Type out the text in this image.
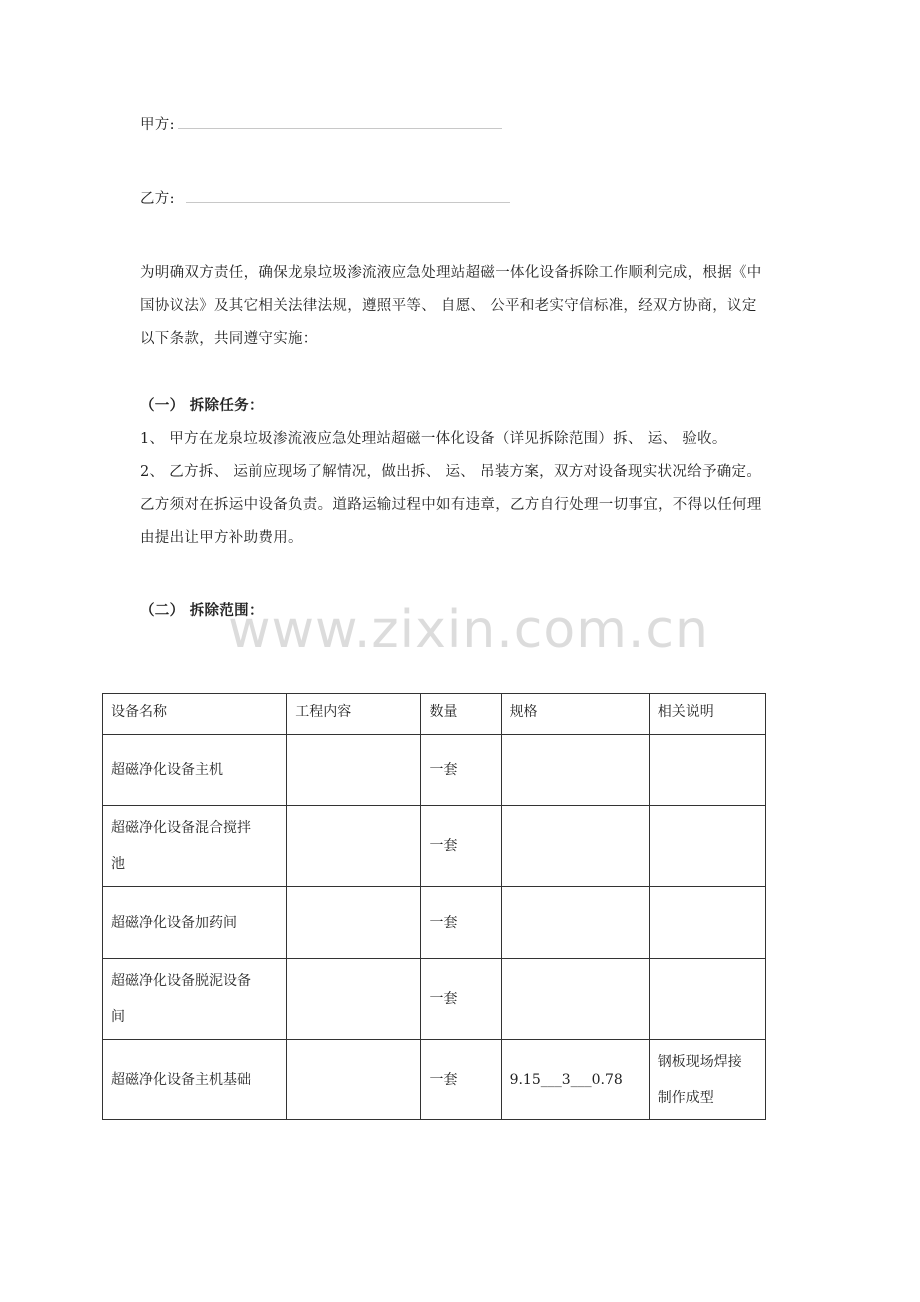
甲方:
乙方:
为明确双方责任，确保龙泉垃圾渗流液应急处理站超磁一体化设备拆除工作顺利完成，根据《中
国协议法》及其它相关法律法规，遵照平等、 自愿、 公平和老实守信标准，经双方协商，议定
以下条款，共同遵守实施：
（一） 拆除任务：
1、 甲方在龙泉垃圾渗流液应急处理站超磁一体化设备（详见拆除范围）拆、 运、 验收。
2、 乙方拆、 运前应现场了解情况，做出拆、 运、 吊装方案，双方对设备现实状况给予确定。
乙方须对在拆运中设备负责。道路运输过程中如有违章，乙方自行处理一切事宜，不得以任何理
由提出让甲方补助费用。
（二） 拆除范围：
www.zixin.com.cn
设备名称	工程内容	数量	规格	相关说明
超磁净化设备主机		一套		

超磁净化设备混合搅拌
池		一套		
超磁净化设备加药间		一套		

超磁净化设备脱泥设备
间		一套		
超磁净化设备主机基础		一套	9.15___3___0.78	钢板现场焊接
制作成型
